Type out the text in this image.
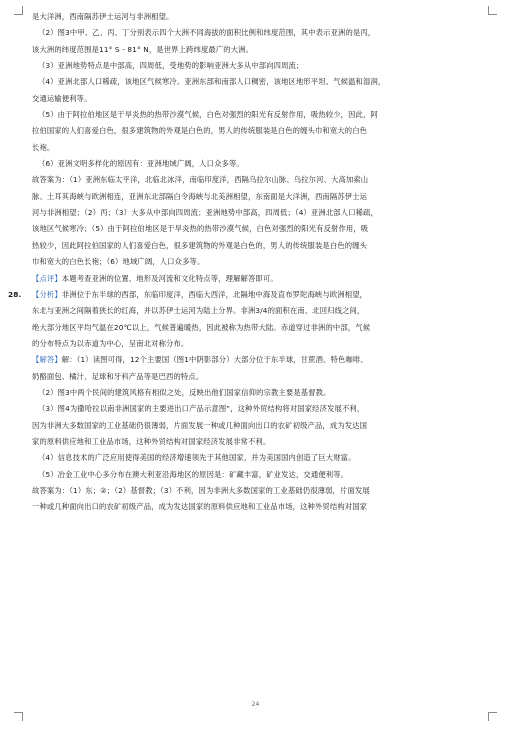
是大洋洲，西南隔苏伊士运河与非洲相望。
（2）图3中甲、乙、丙、丁分别表示四个大洲不同海拔的面积比例和纬度范围，其中表示亚洲的是丙，
该大洲的纬度范围是11° S - 81° N，是世界上跨纬度最广的大洲。
（3）亚洲地势特点是中部高，四周低，受地势的影响亚洲大多从中部向四周流；
（4）亚洲北部人口稀疏，该地区气候寒冷。亚洲东部和南部人口稠密，该地区地形平坦、气候温和湿润，
交通运输便利等。
（5）由于阿拉伯地区是干旱炎热的热带沙漠气候，白色对强烈的阳光有反射作用，吸热较少，因此，阿
拉伯国家的人们喜爱白色，很多建筑物的外观是白色的，男人的传统服装是白色的缠头巾和宽大的白色
长袍。
（6）亚洲文明多样化的原因有：亚洲地域广阔，人口众多等。
故答案为：（1）亚洲东临太平洋，北临北冰洋，南临印度洋，西隔乌拉尔山脉、乌拉尔河、大高加索山
脉、土耳其海峡与欧洲相连，亚洲东北部隔白令海峡与北美洲相望，东南面是大洋洲，西南隔苏伊士运
河与非洲相望；（2）丙；（3）大多从中部向四周流；亚洲地势中部高，四周低；（4）亚洲北部人口稀疏，
该地区气候寒冷；（5）由于阿拉伯地区是干旱炎热的热带沙漠气候，白色对强烈的阳光有反射作用，吸
热较少，因此阿拉伯国家的人们喜爱白色，很多建筑物的外观是白色的，男人的传统服装是白色的缠头
巾和宽大的白色长袍；（6）地域广阔，人口众多等。
【点评】本题考查亚洲的位置、地形及河流和文化特点等，理解解答即可。
28. 【分析】非洲位于东半球的西部，东临印度洋，西临大西洋，北隔地中海及直布罗陀海峡与欧洲相望，
东北与亚洲之间隔着狭长的红海，并以苏伊士运河为陆上分界。非洲3/4的面积在南、北回归线之间，
绝大部分地区平均气温在20℃以上，气候普遍暖热，因此被称为热带大陆。赤道穿过非洲的中部，气候
的分布特点为以赤道为中心，呈南北对称分布。
【解答】解：（1）读图可得，12个主要国（图1中阴影部分）大部分位于东半球，甘蔗酒、特色咖啡、
奶酪面包、橘汁、足球和牙科产品等是巴西的特点。
（2）图3中两个民间的建筑风格有相似之处，反映出他们国家信仰的宗教主要是基督教。
（3）图4为撒哈拉以南非洲国家的主要进出口产品示意图”，这种外贸结构将对国家经济发展不利，
因为非洲大多数国家的工业基础仍很薄弱，片面发展一种或几种面向出口的农矿初级产品，成为发达国
家的原料供应地和工业品市场，这种外贸结构对国家经济发展非常不利。
（4）信息技术的广泛应用使得美国的经济增速领先于其他国家，并为美国国内创造了巨大财富。
（5）冶金工业中心多分布在澳大利亚沿海地区的原因是：矿藏丰富，矿业发达，交通便利等。
故答案为：（1）东；②；（2）基督教；（3）不利，因为非洲大多数国家的工业基础仍很薄弱，片面发展
一种或几种面向出口的农矿初级产品，成为发达国家的原料供应地和工业品市场，这种外贸结构对国家
24
